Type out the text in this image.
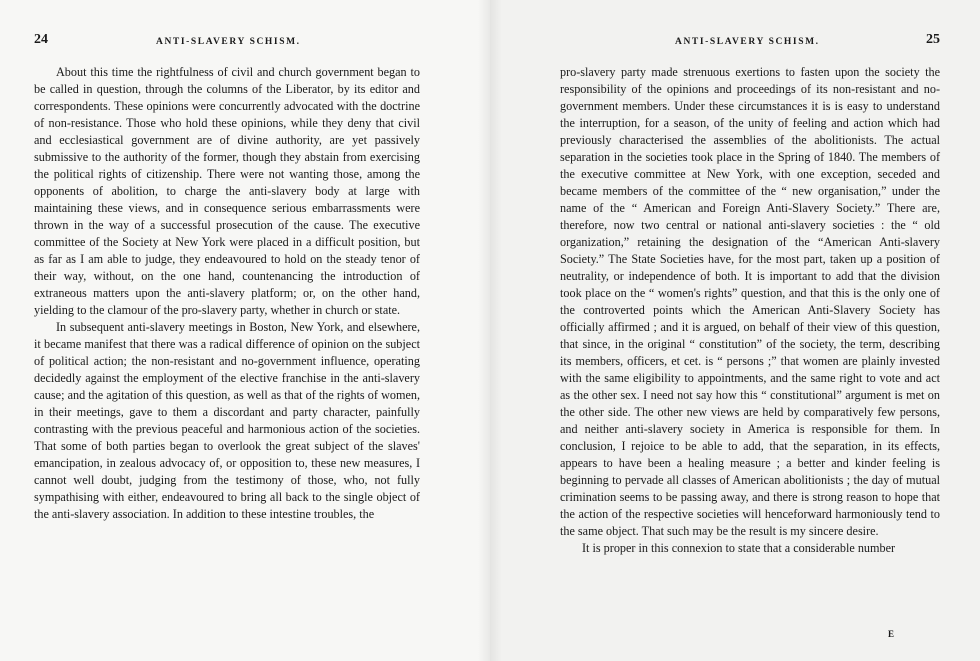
24	ANTI-SLAVERY SCHISM.

About this time the rightfulness of civil and church government began to be called in question, through the columns of the Liberator, by its editor and correspondents. These opinions were concurrently advocated with the doctrine of non-resistance. Those who hold these opinions, while they deny that civil and ecclesiastical government are of divine authority, are yet passively submissive to the authority of the former, though they abstain from exercising the political rights of citizenship. There were not wanting those, among the opponents of abolition, to charge the anti-slavery body at large with maintaining these views, and in consequence serious embarrassments were thrown in the way of a successful prosecution of the cause. The executive committee of the Society at New York were placed in a difficult position, but as far as I am able to judge, they endeavoured to hold on the steady tenor of their way, without, on the one hand, countenancing the introduction of extraneous matters upon the anti-slavery platform; or, on the other hand, yielding to the clamour of the pro-slavery party, whether in church or state.

In subsequent anti-slavery meetings in Boston, New York, and elsewhere, it became manifest that there was a radical difference of opinion on the subject of political action; the non-resistant and no-government influence, operating decidedly against the employment of the elective franchise in the anti-slavery cause; and the agitation of this question, as well as that of the rights of women, in their meetings, gave to them a discordant and party character, painfully contrasting with the previous peaceful and harmonious action of the societies. That some of both parties began to overlook the great subject of the slaves' emancipation, in zealous advocacy of, or opposition to, these new measures, I cannot well doubt, judging from the testimony of those, who, not fully sympathising with either, endeavoured to bring all back to the single object of the anti-slavery association. In addition to these intestine troubles, the

25
ANTI-SLAVERY SCHISM.

pro-slavery party made strenuous exertions to fasten upon the society the responsibility of the opinions and proceedings of its non-resistant and no-government members. Under these circumstances it is is easy to understand the interruption, for a season, of the unity of feeling and action which had previously characterised the assemblies of the abolitionists. The actual separation in the societies took place in the Spring of 1840. The members of the executive committee at New York, with one exception, seceded and became members of the committee of the “ new organisation,” under the name of the “ American and Foreign Anti-Slavery Society.” There are, therefore, now two central or national anti-slavery societies : the “ old organization,” retaining the designation of the “American Anti-slavery Society.” The State Societies have, for the most part, taken up a position of neutrality, or independence of both. It is important to add that the division took place on the “ women's rights” question, and that this is the only one of the controverted points which the American Anti-Slavery Society has officially affirmed ; and it is argued, on behalf of their view of this question, that since, in the original “ constitution” of the society, the term, describing its members, officers, et cet. is “ persons ;” that women are plainly invested with the same eligibility to appointments, and the same right to vote and act as the other sex. I need not say how this “ constitutional” argument is met on the other side. The other new views are held by comparatively few persons, and neither anti-slavery society in America is responsible for them. In conclusion, I rejoice to be able to add, that the separation, in its effects, appears to have been a healing measure ; a better and kinder feeling is beginning to pervade all classes of American abolitionists ; the day of mutual crimination seems to be passing away, and there is strong reason to hope that the action of the respective societies will henceforward harmoniously tend to the same object. That such may be the result is my sincere desire.

It is proper in this connexion to state that a considerable number

E
